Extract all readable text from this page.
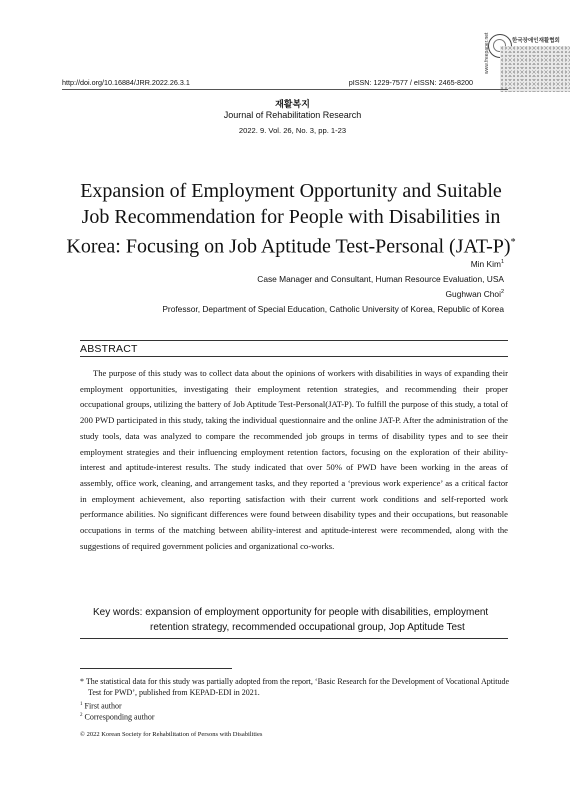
한국장애인재활협회
www.freepaper.net
http://doi.org/10.16884/JRR.2022.26.3.1	pISSN: 1229-7577 / eISSN: 2465-8200
재활복지
Journal of Rehabilitation Research
2022. 9. Vol. 26, No. 3, pp. 1-23
Expansion of Employment Opportunity and Suitable
Job Recommendation for People with Disabilities in
Korea: Focusing on Job Aptitude Test-Personal (JAT-P)*
Min Kim$^1$
Case Manager and Consultant, Human Resource Evaluation, USA
Gughwan Choi$^2$
Professor, Department of Special Education, Catholic University of Korea, Republic of Korea
ABSTRACT

The purpose of this study was to collect data about the opinions of workers with disabilities in ways of expanding their employment opportunities, investigating their employment retention strategies, and recommending their proper occupational groups, utilizing the battery of Job Aptitude Test-Personal(JAT-P). To fulfill the purpose of this study, a total of 200 PWD participated in this study, taking the individual questionnaire and the online JAT-P. After the administration of the study tools, data was analyzed to compare the recommended job groups in terms of disability types and to see their employment strategies and their influencing employment retention factors, focusing on the exploration of their ability-interest and aptitude-interest results. The study indicated that over 50% of PWD have been working in the areas of assembly, office work, cleaning, and arrangement tasks, and they reported a ‘previous work experience’ as a critical factor in employment achievement, also reporting satisfaction with their current work conditions and self-reported work performance abilities. No significant differences were found between disability types and their occupations, but reasonable occupations in terms of the matching between ability-interest and aptitude-interest were recommended, along with the suggestions of required government policies and organizational co-works.

Key words: expansion of employment opportunity for people with disabilities, employment
retention strategy, recommended occupational group, Jop Aptitude Test
* The statistical data for this study was partially adopted from the report, ‘Basic Research for the Development of Vocational Aptitude Test for PWD’, published from KEPAD-EDI in 2021.
$^1$ First author
$^2$ Corresponding author
© 2022 Korean Society for Rehabilitation of Persons with Disabilities
